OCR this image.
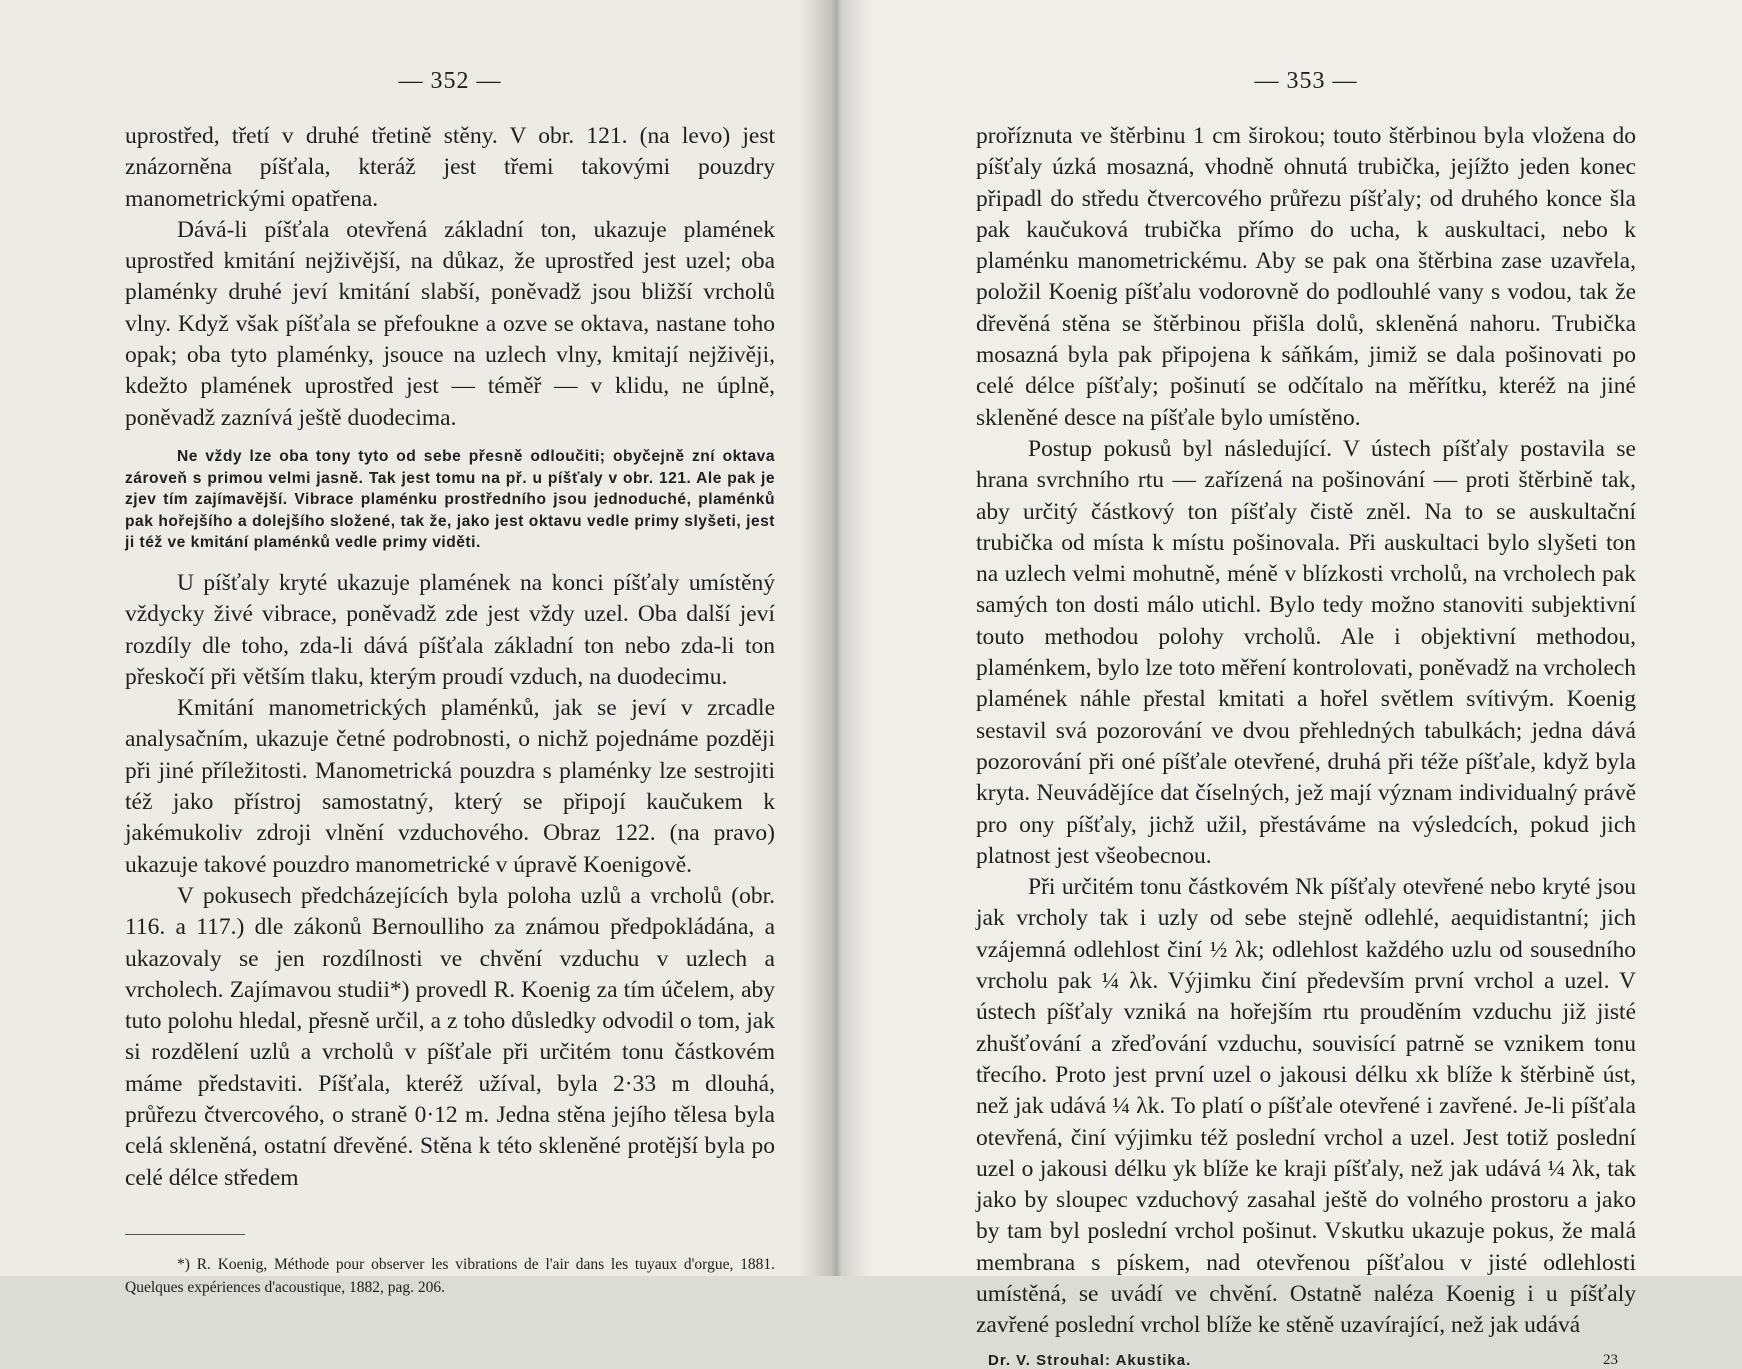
— 352 —

uprostřed, třetí v druhé třetině stěny. V obr. 121. (na levo) jest znázorněna píšťala, kteráž jest třemi takovými pouzdry manometrickými opatřena.

Dává-li píšťala otevřená základní ton, ukazuje plamének uprostřed kmitání nejživější, na důkaz, že uprostřed jest uzel; oba plaménky druhé jeví kmitání slabší, poněvadž jsou bližší vrcholů vlny. Když však píšťala se přefoukne a ozve se oktava, nastane toho opak; oba tyto plaménky, jsouce na uzlech vlny, kmitají nejživěji, kdežto plamének uprostřed jest — téměř — v klidu, ne úplně, poněvadž zaznívá ještě duodecima.

Ne vždy lze oba tony tyto od sebe přesně odloučiti; obyčejně zní oktava zároveň s primou velmi jasně. Tak jest tomu na př. u píšťaly v obr. 121. Ale pak je zjev tím zajímavější. Vibrace plaménku prostředního jsou jednoduché, plaménků pak hořejšího a dolejšího složené, tak že, jako jest oktavu vedle primy slyšeti, jest ji též ve kmitání plaménků vedle primy viděti.

U píšťaly kryté ukazuje plamének na konci píšťaly umístěný vždycky živé vibrace, poněvadž zde jest vždy uzel. Oba další jeví rozdíly dle toho, zda-li dává píšťala základní ton nebo zda-li ton přeskočí při větším tlaku, kterým proudí vzduch, na duodecimu.

Kmitání manometrických plaménků, jak se jeví v zrcadle analysačním, ukazuje četné podrobnosti, o nichž pojednáme později při jiné příležitosti. Manometrická pouzdra s plaménky lze sestrojiti též jako přístroj samostatný, který se připojí kaučukem k jakémukoliv zdroji vlnění vzduchového. Obraz 122. (na pravo) ukazuje takové pouzdro manometrické v úpravě Koenigově.

V pokusech předcházejících byla poloha uzlů a vrcholů (obr. 116. a 117.) dle zákonů Bernoulliho za známou předpokládána, a ukazovaly se jen rozdílnosti ve chvění vzduchu v uzlech a vrcholech. Zajímavou studii*) provedl R. Koenig za tím účelem, aby tuto polohu hledal, přesně určil, a z toho důsledky odvodil o tom, jak si rozdělení uzlů a vrcholů v píšťale při určitém tonu částkovém máme představiti. Píšťala, kteréž užíval, byla 2·33 m dlouhá, průřezu čtvercového, o straně 0·12 m. Jedna stěna jejího tělesa byla celá skleněná, ostatní dřevěné. Stěna k této skleněné protější byla po celé délce středem

*) R. Koenig, Méthode pour observer les vibrations de l'air dans les tuyaux d'orgue, 1881. Quelques expériences d'acoustique, 1882, pag. 206.

— 353 —

proříznuta ve štěrbinu 1 cm širokou; touto štěrbinou byla vložena do píšťaly úzká mosazná, vhodně ohnutá trubička, jejížto jeden konec připadl do středu čtvercového průřezu píšťaly; od druhého konce šla pak kaučuková trubička přímo do ucha, k auskultaci, nebo k plaménku manometrickému. Aby se pak ona štěrbina zase uzavřela, položil Koenig píšťalu vodorovně do podlouhlé vany s vodou, tak že dřevěná stěna se štěrbinou přišla dolů, skleněná nahoru. Trubička mosazná byla pak připojena k sáňkám, jimiž se dala pošinovati po celé délce píšťaly; pošinutí se odčítalo na měřítku, kteréž na jiné skleněné desce na píšťale bylo umístěno.

Postup pokusů byl následující. V ústech píšťaly postavila se hrana svrchního rtu — zařízená na pošinování — proti štěrbině tak, aby určitý částkový ton píšťaly čistě zněl. Na to se auskultační trubička od místa k místu pošinovala. Při auskultaci bylo slyšeti ton na uzlech velmi mohutně, méně v blízkosti vrcholů, na vrcholech pak samých ton dosti málo utichl. Bylo tedy možno stanoviti subjektivní touto methodou polohy vrcholů. Ale i objektivní methodou, plaménkem, bylo lze toto měření kontrolovati, poněvadž na vrcholech plamének náhle přestal kmitati a hořel světlem svítivým. Koenig sestavil svá pozorování ve dvou přehledných tabulkách; jedna dává pozorování při oné píšťale otevřené, druhá při téže píšťale, když byla kryta. Neuvádějíce dat číselných, jež mají význam individualný právě pro ony píšťaly, jichž užil, přestáváme na výsledcích, pokud jich platnost jest všeobecnou.

Při určitém tonu částkovém Nk píšťaly otevřené nebo kryté jsou jak vrcholy tak i uzly od sebe stejně odlehlé, aequidistantní; jich vzájemná odlehlost činí ½ λk; odlehlost každého uzlu od sousedního vrcholu pak ¼ λk. Výjimku činí především první vrchol a uzel. V ústech píšťaly vzniká na hořejším rtu prouděním vzduchu již jisté zhušťování a zřeďování vzduchu, souvisící patrně se vznikem tonu třecího. Proto jest první uzel o jakousi délku xk blíže k štěrbině úst, než jak udává ¼ λk. To platí o píšťale otevřené i zavřené. Je-li píšťala otevřená, činí výjimku též poslední vrchol a uzel. Jest totiž poslední uzel o jakousi délku yk blíže ke kraji píšťaly, než jak udává ¼ λk, tak jako by sloupec vzduchový zasahal ještě do volného prostoru a jako by tam byl poslední vrchol pošinut. Vskutku ukazuje pokus, že malá membrana s pískem, nad otevřenou píšťalou v jisté odlehlosti umístěná, se uvádí ve chvění. Ostatně naléza Koenig i u píšťaly zavřené poslední vrchol blíže ke stěně uzavírající, než jak udává

Dr. V. Strouhal: Akustika.	23
